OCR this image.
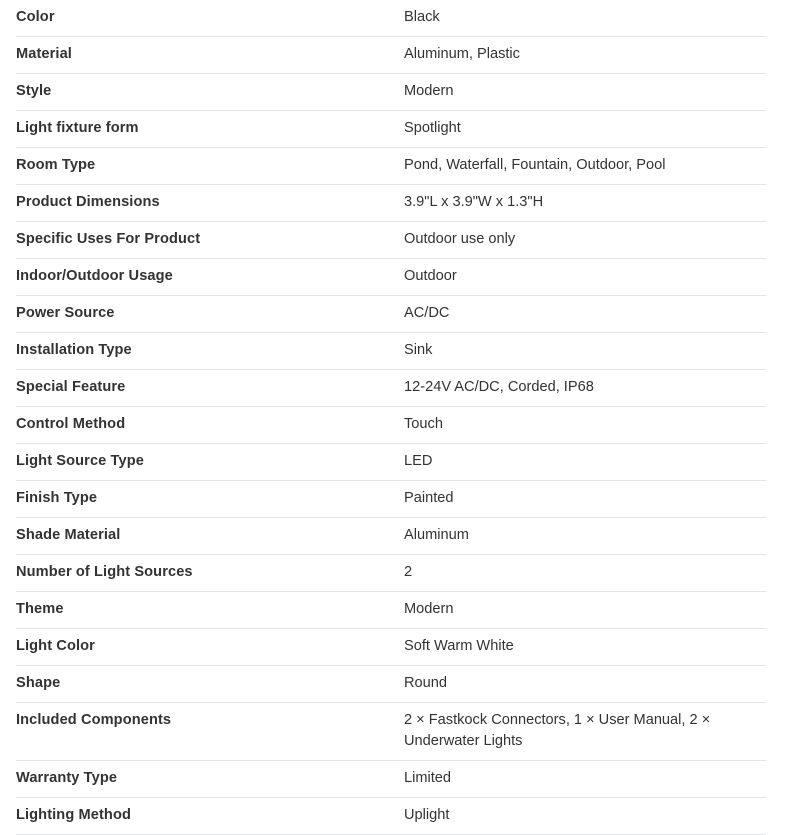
Color	Black
Material	Aluminum, Plastic
Style	Modern
Light fixture form	Spotlight
Room Type	Pond, Waterfall, Fountain, Outdoor, Pool
Product Dimensions	3.9"L x 3.9"W x 1.3"H
Specific Uses For Product	Outdoor use only
Indoor/Outdoor Usage	Outdoor
Power Source	AC/DC
Installation Type	Sink
Special Feature	12-24V AC/DC, Corded, IP68
Control Method	Touch
Light Source Type	LED
Finish Type	Painted
Shade Material	Aluminum
Number of Light Sources	2
Theme	Modern
Light Color	Soft Warm White
Shape	Round
Included Components	2 × Fastkock Connectors, 1 × User Manual, 2 × Underwater Lights
Warranty Type	Limited
Lighting Method	Uplight
